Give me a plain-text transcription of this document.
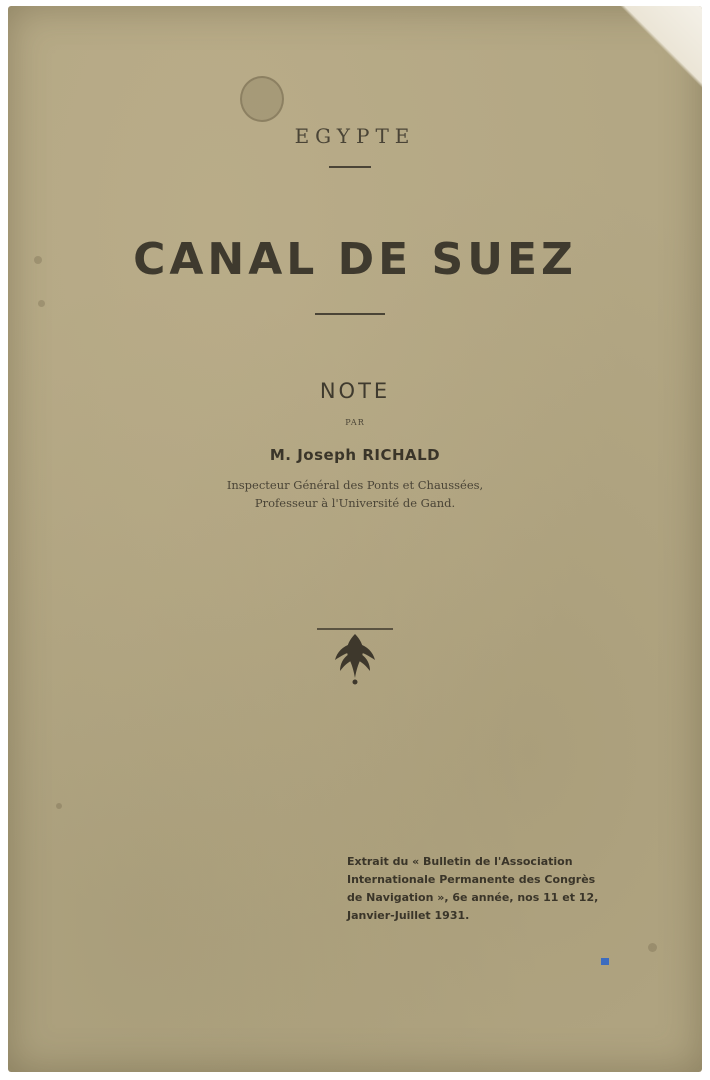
EGYPTE
CANAL DE SUEZ
NOTE
PAR
M. Joseph RICHALD
Inspecteur Général des Ponts et Chaussées,
Professeur à l'Université de Gand.
Extrait du « Bulletin de l'Association
Internationale Permanente des Congrès
de Navigation », 6e année, nos 11 et 12,
Janvier-Juillet 1931.
